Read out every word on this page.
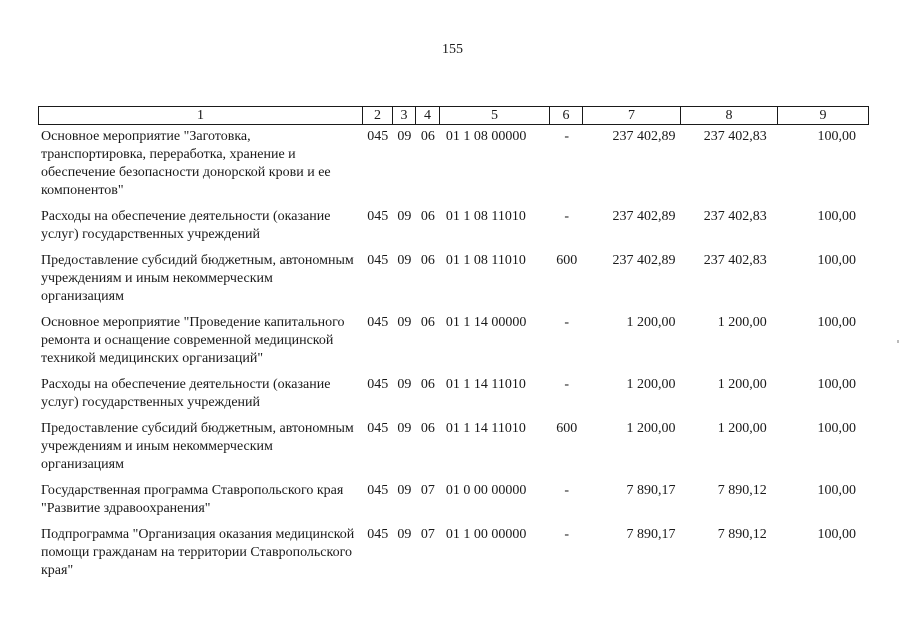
155
1	2	3	4	5	6	7	8	9
Основное мероприятие "Заготовка, транспортировка, переработка, хранение и обеспечение безопасности донорской крови и ее компонентов"	045	09	06	01 1 08 00000	-	237 402,89	237 402,83	100,00
Расходы на обеспечение деятельности (оказание услуг) государственных учреждений	045	09	06	01 1 08 11010	-	237 402,89	237 402,83	100,00
Предоставление субсидий бюджетным, автономным учреждениям и иным некоммерческим организациям	045	09	06	01 1 08 11010	600	237 402,89	237 402,83	100,00
Основное мероприятие "Проведение капитального ремонта и оснащение современной медицинской техникой медицинских организаций"	045	09	06	01 1 14 00000	-	1 200,00	1 200,00	100,00
Расходы на обеспечение деятельности (оказание услуг) государственных учреждений	045	09	06	01 1 14 11010	-	1 200,00	1 200,00	100,00
Предоставление субсидий бюджетным, автономным учреждениям и иным некоммерческим организациям	045	09	06	01 1 14 11010	600	1 200,00	1 200,00	100,00
Государственная программа Ставропольского края "Развитие здравоохранения"	045	09	07	01 0 00 00000	-	7 890,17	7 890,12	100,00
Подпрограмма "Организация оказания медицинской помощи гражданам на территории Ставропольского края"	045	09	07	01 1 00 00000	-	7 890,17	7 890,12	100,00
